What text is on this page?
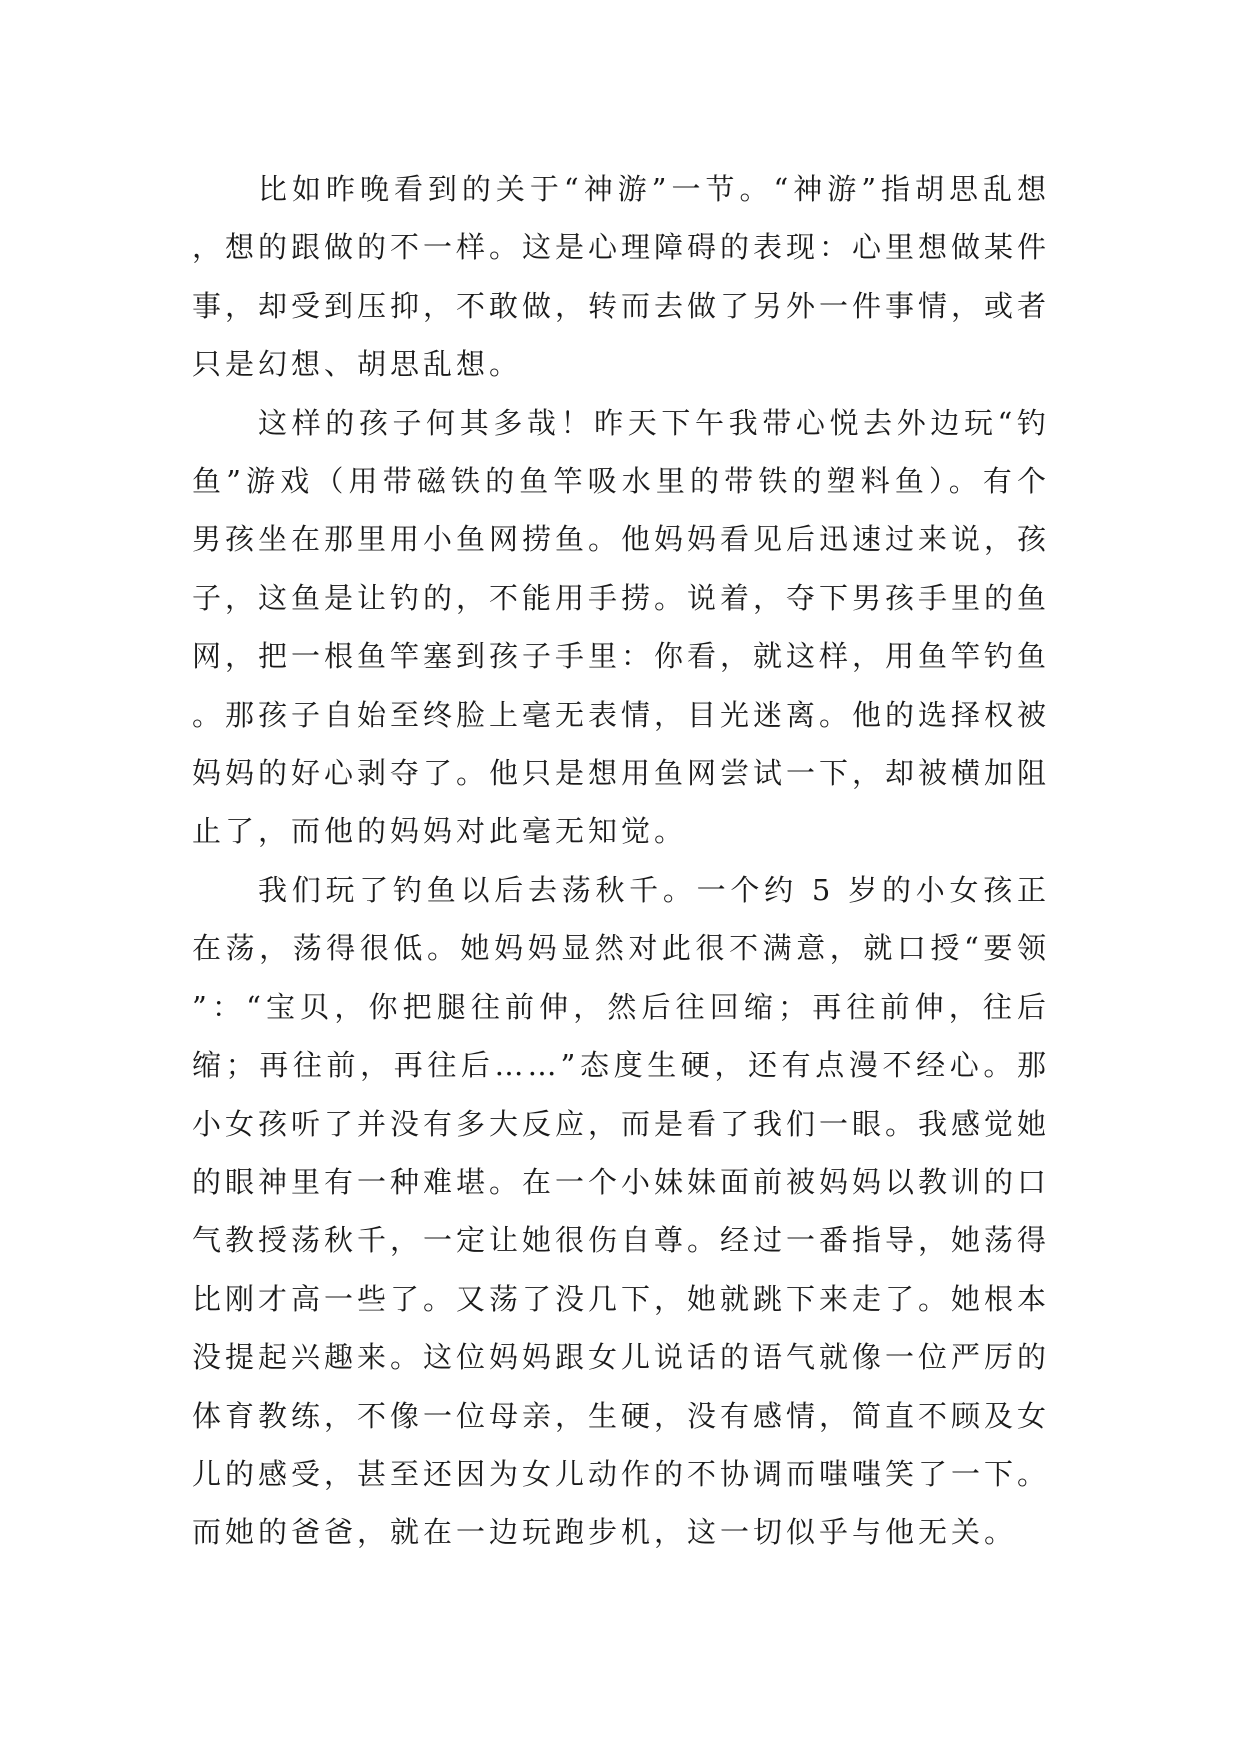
比如昨晚看到的关于“神游”一节。“神游”指胡思乱想，想的跟做的不一样。这是心理障碍的表现：心里想做某件事，却受到压抑，不敢做，转而去做了另外一件事情，或者只是幻想、胡思乱想。

这样的孩子何其多哉！昨天下午我带心悦去外边玩“钓鱼”游戏（用带磁铁的鱼竿吸水里的带铁的塑料鱼）。有个男孩坐在那里用小鱼网捞鱼。他妈妈看见后迅速过来说，孩子，这鱼是让钓的，不能用手捞。说着，夺下男孩手里的鱼网，把一根鱼竿塞到孩子手里：你看，就这样，用鱼竿钓鱼。那孩子自始至终脸上毫无表情，目光迷离。他的选择权被妈妈的好心剥夺了。他只是想用鱼网尝试一下，却被横加阻止了，而他的妈妈对此毫无知觉。

我们玩了钓鱼以后去荡秋千。一个约 5 岁的小女孩正在荡，荡得很低。她妈妈显然对此很不满意，就口授“要领”：“宝贝，你把腿往前伸，然后往回缩；再往前伸，往后缩；再往前，再往后……”态度生硬，还有点漫不经心。那小女孩听了并没有多大反应，而是看了我们一眼。我感觉她的眼神里有一种难堪。在一个小妹妹面前被妈妈以教训的口气教授荡秋千，一定让她很伤自尊。经过一番指导，她荡得比刚才高一些了。又荡了没几下，她就跳下来走了。她根本没提起兴趣来。这位妈妈跟女儿说话的语气就像一位严厉的体育教练，不像一位母亲，生硬，没有感情，简直不顾及女儿的感受，甚至还因为女儿动作的不协调而嗤嗤笑了一下。而她的爸爸，就在一边玩跑步机，这一切似乎与他无关。
